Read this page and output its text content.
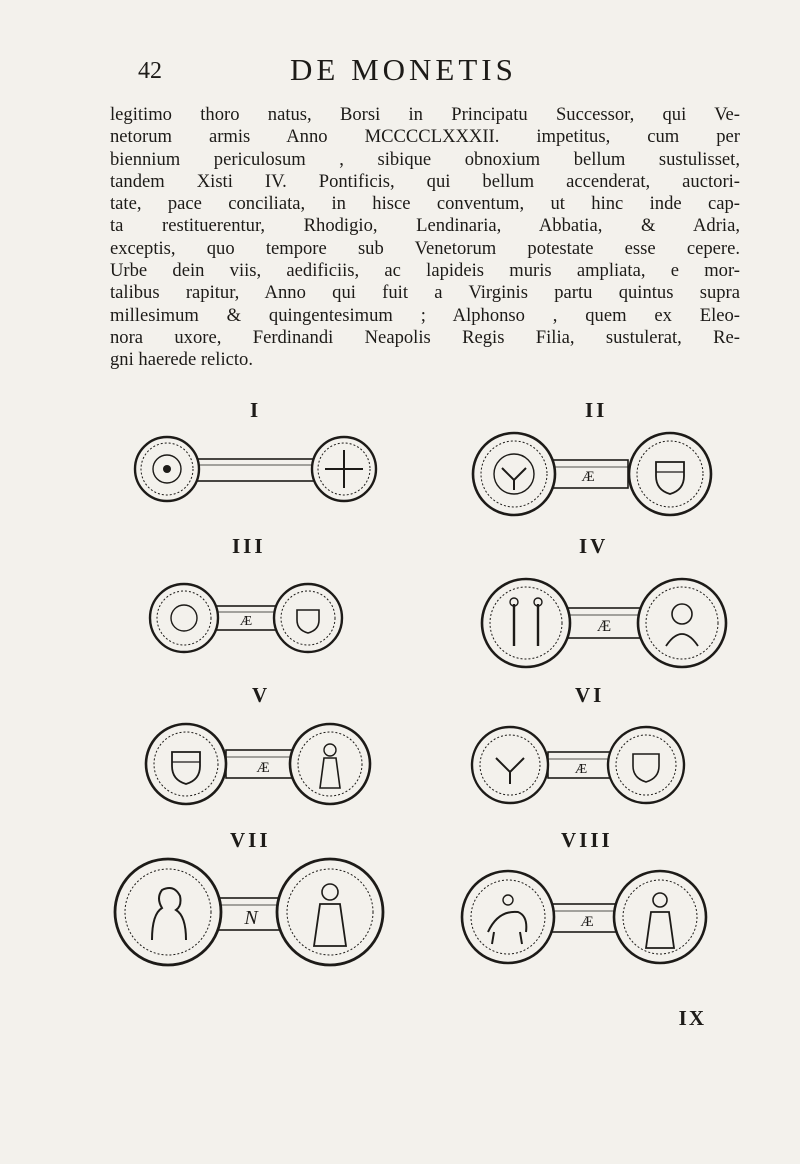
42	DE MONETIS
legitimo thoro natus, Borsi in Principatu Successor, qui Ve-
netorum armis Anno MCCCCLXXXII. impetitus, cum per
biennium periculosum , sibique obnoxium bellum sustulisset,
tandem Xisti IV. Pontificis, qui bellum accenderat, auctori-
tate, pace conciliata, in hisce conventum, ut hinc inde cap-
ta restituerentur, Rhodigio, Lendinaria, Abbatia, & Adria,
exceptis, quo tempore sub Venetorum potestate esse cepere.
Urbe dein viis, aedificiis, ac lapideis muris ampliata, e mor-
talibus rapitur, Anno qui fuit a Virginis partu quintus supra
millesimum & quingentesimum ; Alphonso , quem ex Eleo-
nora uxore, Ferdinandi Neapolis Regis Filia, sustulerat, Re-
gni haerede relicto.
I	II
III	IV
V	VI
VII	VIII
Æ
Æ	Æ
Æ	Æ
N	Æ
IX
